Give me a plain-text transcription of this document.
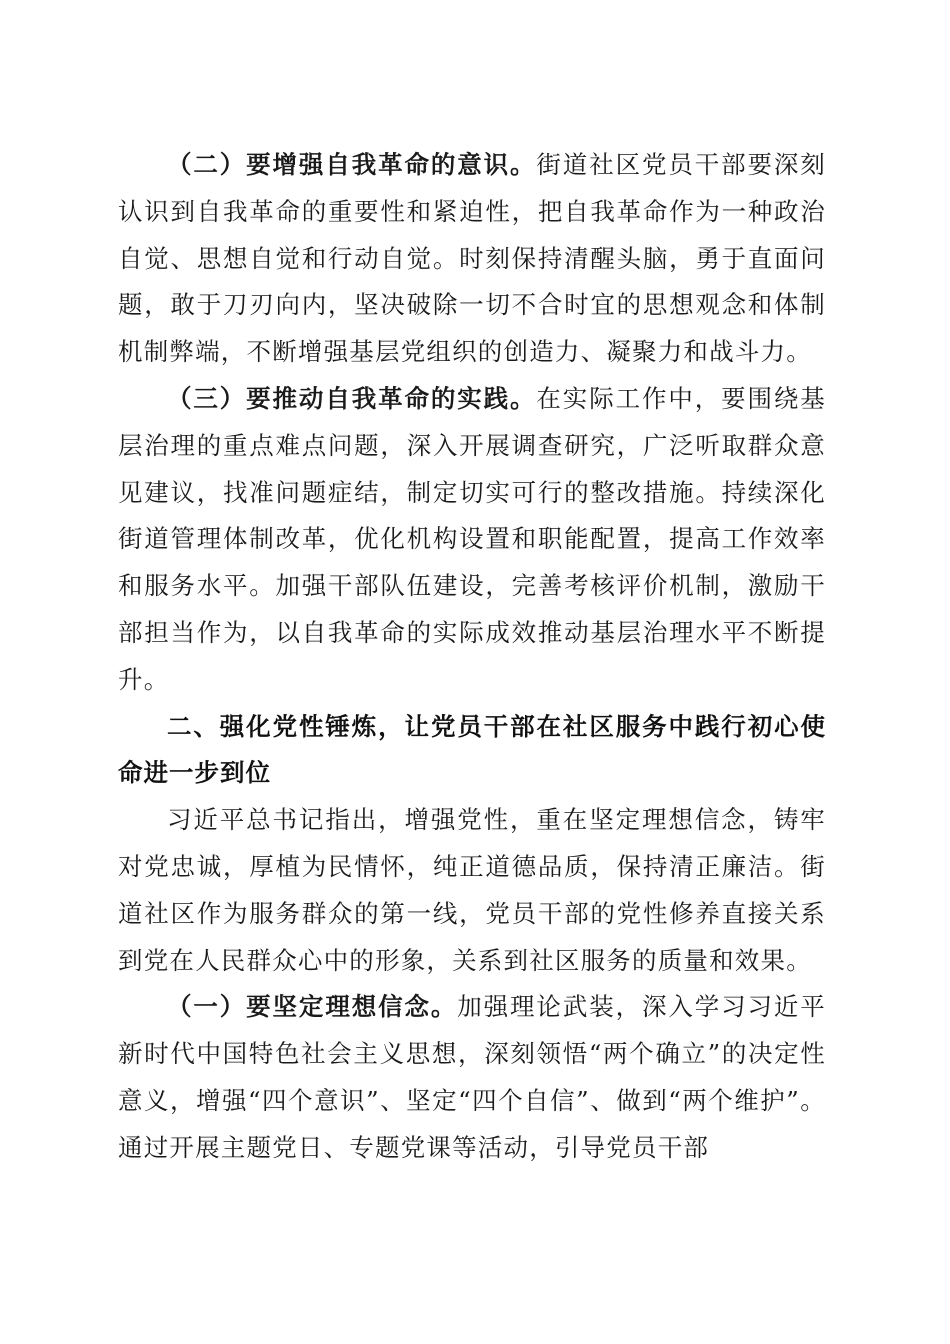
（二）要增强自我革命的意识。街道社区党员干部要深刻认识到自我革命的重要性和紧迫性，把自我革命作为一种政治自觉、思想自觉和行动自觉。时刻保持清醒头脑，勇于直面问题，敢于刀刃向内，坚决破除一切不合时宜的思想观念和体制机制弊端，不断增强基层党组织的创造力、凝聚力和战斗力。

（三）要推动自我革命的实践。在实际工作中，要围绕基层治理的重点难点问题，深入开展调查研究，广泛听取群众意见建议，找准问题症结，制定切实可行的整改措施。持续深化街道管理体制改革，优化机构设置和职能配置，提高工作效率和服务水平。加强干部队伍建设，完善考核评价机制，激励干部担当作为，以自我革命的实际成效推动基层治理水平不断提升。

二、强化党性锤炼，让党员干部在社区服务中践行初心使命进一步到位

习近平总书记指出，增强党性，重在坚定理想信念，铸牢对党忠诚，厚植为民情怀，纯正道德品质，保持清正廉洁。街道社区作为服务群众的第一线，党员干部的党性修养直接关系到党在人民群众心中的形象，关系到社区服务的质量和效果。

（一）要坚定理想信念。加强理论武装，深入学习习近平新时代中国特色社会主义思想，深刻领悟“两个确立”的决定性意义，增强“四个意识”、坚定“四个自信”、做到“两个维护”。通过开展主题党日、专题党课等活动，引导党员干部
